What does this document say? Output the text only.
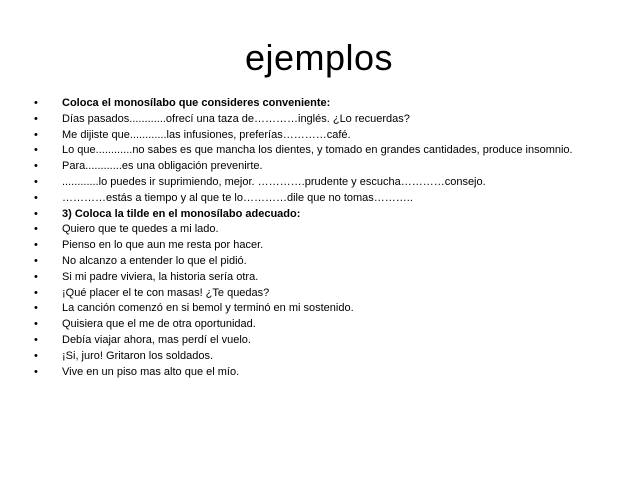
ejemplos
•	Coloca el monosílabo que consideres conveniente:
•	Días pasados............ofrecí una taza de…………inglés. ¿Lo recuerdas?
•	Me dijiste que............las infusiones, preferías…………café.
•	Lo que............no sabes es que mancha los dientes, y tomado en grandes cantidades, produce insomnio.
•	Para............es una obligación prevenirte.
•	............lo puedes ir suprimiendo, mejor. ………….prudente y escucha…………consejo.
•	…………estás a tiempo y al que te lo…………dile que no tomas………..
•	3) Coloca la tilde en el monosílabo adecuado:
•	Quiero que te quedes a mi lado.
•	Pienso en lo que aun me resta por hacer.
•	No alcanzo a entender lo que el pidió.
•	Si mi padre viviera, la historia sería otra.
•	¡Qué placer el te con masas! ¿Te quedas?
•	La canción comenzó en si bemol y terminó en mi sostenido.
•	Quisiera que el me de otra oportunidad.
•	Debía viajar ahora, mas perdí el vuelo.
•	¡Si, juro! Gritaron los soldados.
•	Vive en un piso mas alto que el mío.
